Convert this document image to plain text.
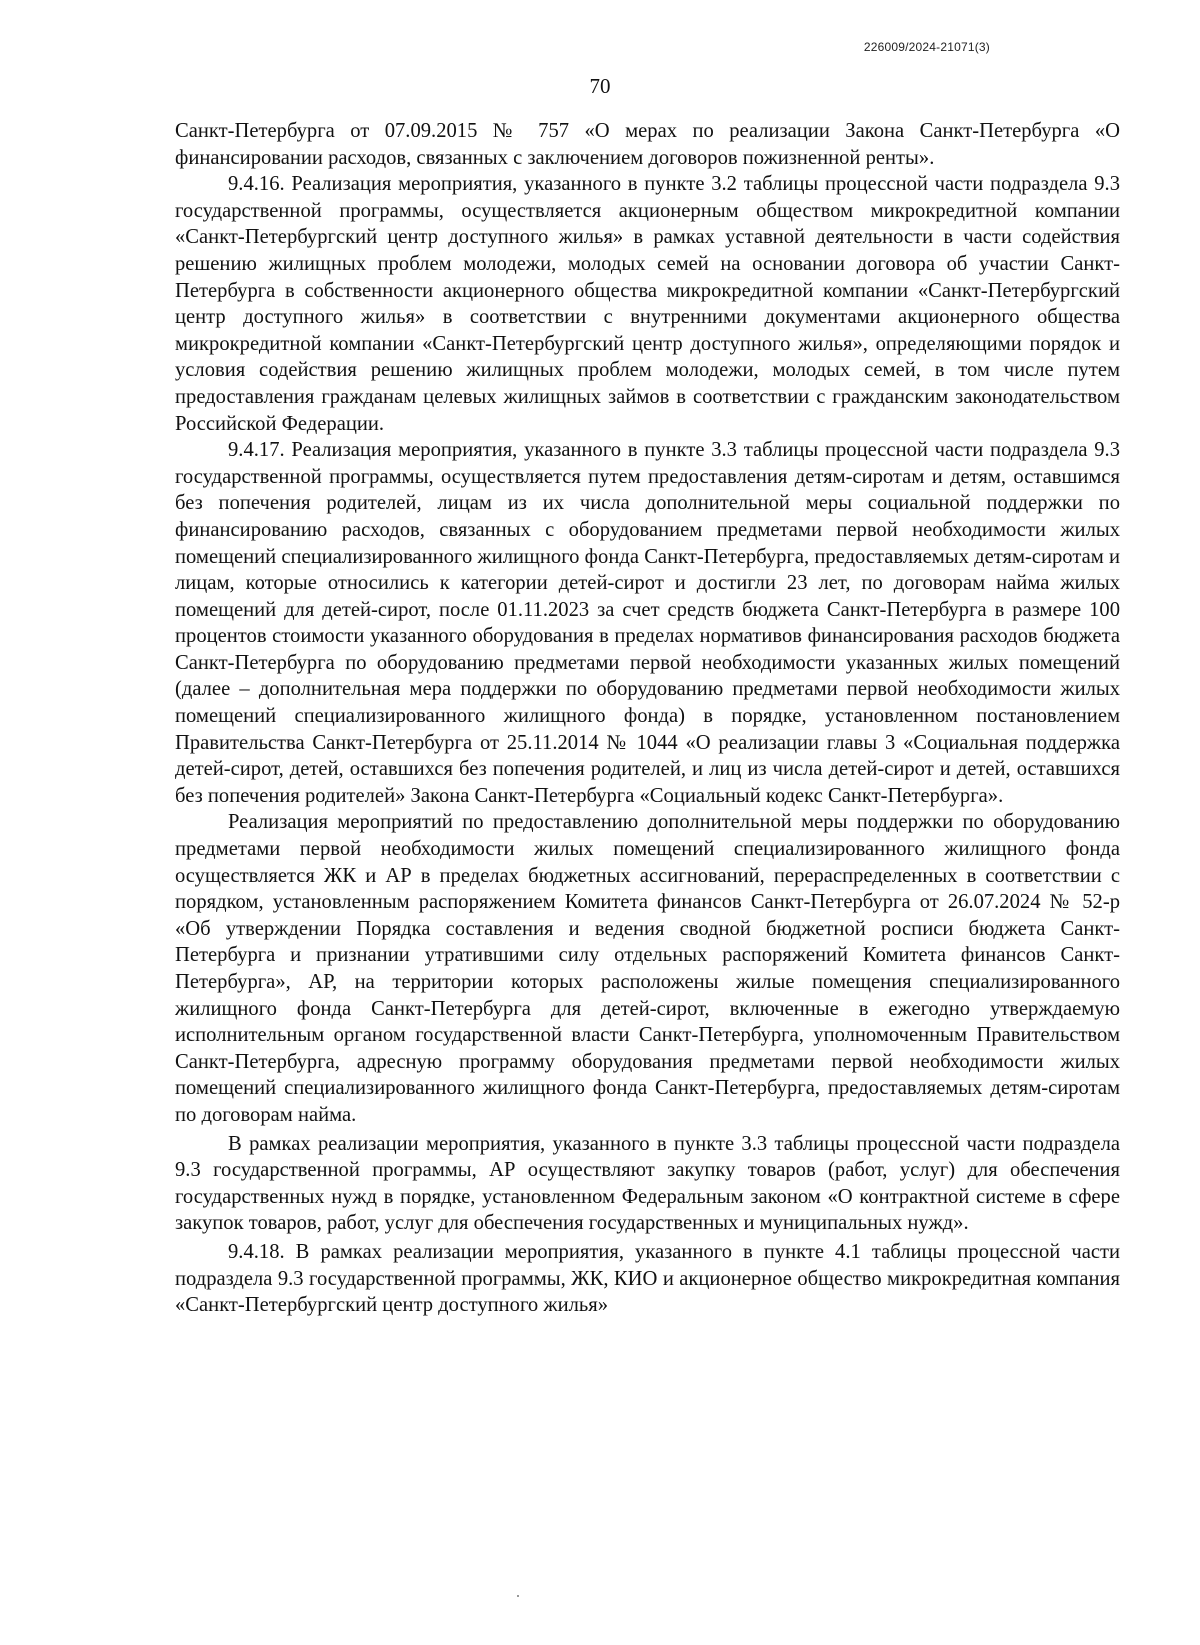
226009/2024-21071(3)
70

Санкт-Петербурга от 07.09.2015 № 757 «О мерах по реализации Закона Санкт-Петербурга «О финансировании расходов, связанных с заключением договоров пожизненной ренты».

9.4.16. Реализация мероприятия, указанного в пункте 3.2 таблицы процессной части подраздела 9.3 государственной программы, осуществляется акционерным обществом микрокредитной компании «Санкт-Петербургский центр доступного жилья» в рамках уставной деятельности в части содействия решению жилищных проблем молодежи, молодых семей на основании договора об участии Санкт-Петербурга в собственности акционерного общества микрокредитной компании «Санкт-Петербургский центр доступного жилья» в соответствии с внутренними документами акционерного общества микрокредитной компании «Санкт-Петербургский центр доступного жилья», определяющими порядок и условия содействия решению жилищных проблем молодежи, молодых семей, в том числе путем предоставления гражданам целевых жилищных займов в соответствии с гражданским законодательством Российской Федерации.

9.4.17. Реализация мероприятия, указанного в пункте 3.3 таблицы процессной части подраздела 9.3 государственной программы, осуществляется путем предоставления детям-сиротам и детям, оставшимся без попечения родителей, лицам из их числа дополнительной меры социальной поддержки по финансированию расходов, связанных с оборудованием предметами первой необходимости жилых помещений специализированного жилищного фонда Санкт-Петербурга, предоставляемых детям-сиротам и лицам, которые относились к категории детей-сирот и достигли 23 лет, по договорам найма жилых помещений для детей-сирот, после 01.11.2023 за счет средств бюджета Санкт-Петербурга в размере 100 процентов стоимости указанного оборудования в пределах нормативов финансирования расходов бюджета Санкт-Петербурга по оборудованию предметами первой необходимости указанных жилых помещений (далее – дополнительная мера поддержки по оборудованию предметами первой необходимости жилых помещений специализированного жилищного фонда) в порядке, установленном постановлением Правительства Санкт-Петербурга от 25.11.2014 № 1044 «О реализации главы 3 «Социальная поддержка детей-сирот, детей, оставшихся без попечения родителей, и лиц из числа детей-сирот и детей, оставшихся без попечения родителей» Закона Санкт-Петербурга «Социальный кодекс Санкт-Петербурга».

Реализация мероприятий по предоставлению дополнительной меры поддержки по оборудованию предметами первой необходимости жилых помещений специализированного жилищного фонда осуществляется ЖК и АР в пределах бюджетных ассигнований, перераспределенных в соответствии с порядком, установленным распоряжением Комитета финансов Санкт-Петербурга от 26.07.2024 № 52-р «Об утверждении Порядка составления и ведения сводной бюджетной росписи бюджета Санкт-Петербурга и признании утратившими силу отдельных распоряжений Комитета финансов Санкт-Петербурга», АР, на территории которых расположены жилые помещения специализированного жилищного фонда Санкт-Петербурга для детей-сирот, включенные в ежегодно утверждаемую исполнительным органом государственной власти Санкт-Петербурга, уполномоченным Правительством Санкт-Петербурга, адресную программу оборудования предметами первой необходимости жилых помещений специализированного жилищного фонда Санкт-Петербурга, предоставляемых детям-сиротам по договорам найма.

В рамках реализации мероприятия, указанного в пункте 3.3 таблицы процессной части подраздела 9.3 государственной программы, АР осуществляют закупку товаров (работ, услуг) для обеспечения государственных нужд в порядке, установленном Федеральным законом «О контрактной системе в сфере закупок товаров, работ, услуг для обеспечения государственных и муниципальных нужд».

9.4.18. В рамках реализации мероприятия, указанного в пункте 4.1 таблицы процессной части подраздела 9.3 государственной программы, ЖК, КИО и акционерное общество микрокредитная компания «Санкт-Петербургский центр доступного жилья»
